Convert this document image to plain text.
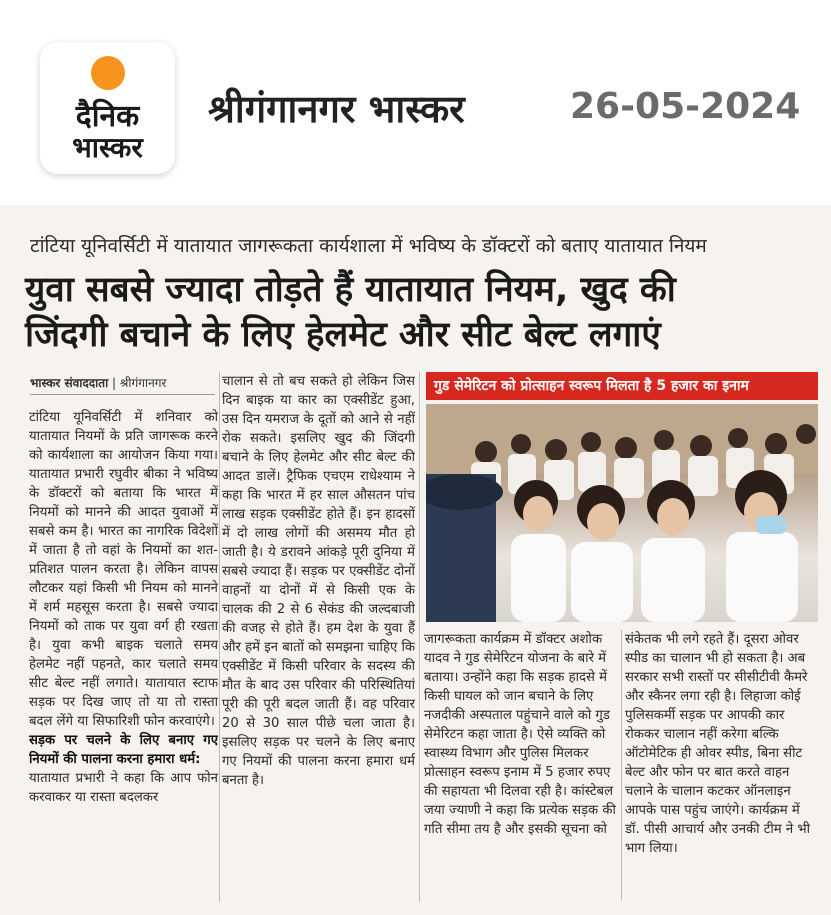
दैनिक
भास्कर
श्रीगंगानगर भास्कर	26-05-2024
टांटिया यूनिवर्सिटी में यातायात जागरूकता कार्यशाला में भविष्य के डॉक्टरों को बताए यातायात नियम
युवा सबसे ज्यादा तोड़ते हैं यातायात नियम, खुद की
जिंदगी बचाने के लिए हेलमेट और सीट बेल्ट लगाएं
भास्कर संवाददाता | श्रीगंगानगर
टांटिया यूनिवर्सिटी में शनिवार को यातायात नियमों के प्रति जागरूक करने को कार्यशाला का आयोजन किया गया। यातायात प्रभारी रघुवीर बीका ने भविष्य के डॉक्टरों को बताया कि भारत में नियमों को मानने की आदत युवाओं में सबसे कम है। भारत का नागरिक विदेशों में जाता है तो वहां के नियमों का शत-प्रतिशत पालन करता है। लेकिन वापस लौटकर यहां किसी भी नियम को मानने में शर्म महसूस करता है। सबसे ज्यादा नियमों को ताक पर युवा वर्ग ही रखता है। युवा कभी बाइक चलाते समय हेलमेट नहीं पहनते, कार चलाते समय सीट बेल्ट नहीं लगाते। यातायात स्टाफ सड़क पर दिख जाए तो या तो रास्ता बदल लेंगे या सिफारिशी फोन करवाएंगे।
सड़क पर चलने के लिए बनाए गए नियमों की पालना करना हमारा धर्म:
यातायात प्रभारी ने कहा कि आप फोन करवाकर या रास्ता बदलकर
चालान से तो बच सकते हो लेकिन जिस दिन बाइक या कार का एक्सीडेंट हुआ, उस दिन यमराज के दूतों को आने से नहीं रोक सकते। इसलिए खुद की जिंदगी बचाने के लिए हेलमेट और सीट बेल्ट की आदत डालें। ट्रैफिक एचएम राधेश्याम ने कहा कि भारत में हर साल औसतन पांच लाख सड़क एक्सीडेंट होते हैं। इन हादसों में दो लाख लोगों की असमय मौत हो जाती है। ये डरावने आंकड़े पूरी दुनिया में सबसे ज्यादा हैं। सड़क पर एक्सीडेंट दोनों वाहनों या दोनों में से किसी एक के चालक की 2 से 6 सेकंड की जल्दबाजी की वजह से होते हैं। हम देश के युवा हैं और हमें इन बातों को समझना चाहिए कि एक्सीडेंट में किसी परिवार के सदस्य की मौत के बाद उस परिवार की परिस्थितियां पूरी की पूरी बदल जाती हैं। वह परिवार 20 से 30 साल पीछे चला जाता है। इसलिए सड़क पर चलने के लिए बनाए गए नियमों की पालना करना हमारा धर्म बनता है।
गुड सेमेरिटन को प्रोत्साहन स्वरूप मिलता है 5 हजार का इनाम
जागरूकता कार्यक्रम में डॉक्टर अशोक यादव ने गुड सेमेरिटन योजना के बारे में बताया। उन्होंने कहा कि सड़क हादसे में किसी घायल को जान बचाने के लिए नजदीकी अस्पताल पहुंचाने वाले को गुड सेमेरिटन कहा जाता है। ऐसे व्यक्ति को स्वास्थ्य विभाग और पुलिस मिलकर प्रोत्साहन स्वरूप इनाम में 5 हजार रुपए की सहायता भी दिलवा रही है। कांस्टेबल जया ज्याणी ने कहा कि प्रत्येक सड़क की गति सीमा तय है और इसकी सूचना को
संकेतक भी लगे रहते हैं। दूसरा ओवर स्पीड का चालान भी हो सकता है। अब सरकार सभी रास्तों पर सीसीटीवी कैमरे और स्कैनर लगा रही है। लिहाजा कोई पुलिसकर्मी सड़क पर आपकी कार रोककर चालान नहीं करेगा बल्कि ऑटोमेटिक ही ओवर स्पीड, बिना सीट बेल्ट और फोन पर बात करते वाहन चलाने के चालान कटकर ऑनलाइन आपके पास पहुंच जाएंगे। कार्यक्रम में डॉ. पीसी आचार्य और उनकी टीम ने भी भाग लिया।
